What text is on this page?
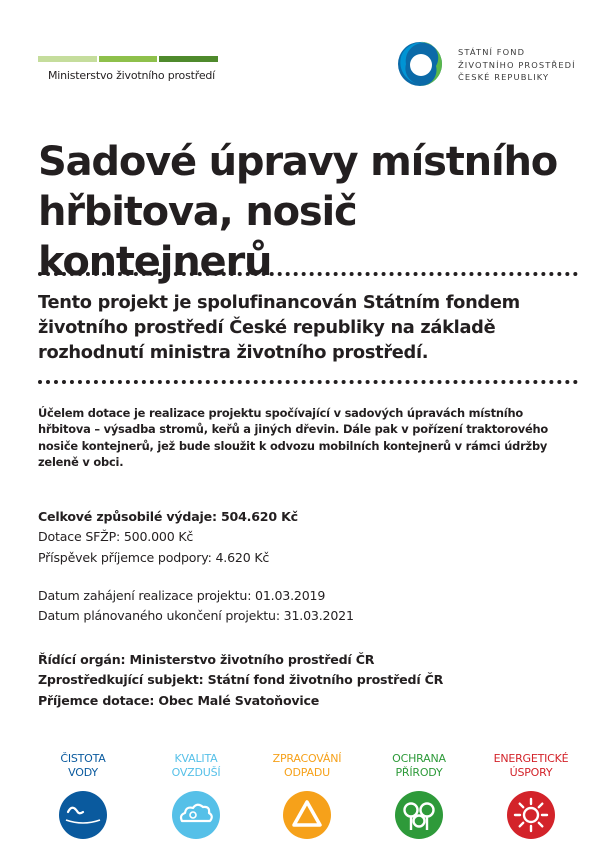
Ministerstvo životního prostředí
STÁTNÍ FOND
ŽIVOTNÍHO PROSTŘEDÍ
ČESKÉ REPUBLIKY
Sadové úpravy místního hřbitova, nosič kontejnerů

Tento projekt je spolufinancován Státním fondem životního prostředí České republiky na základě rozhodnutí ministra životního prostředí.

Účelem dotace je realizace projektu spočívající v sadových úpravách místního hřbitova – výsadba stromů, keřů a jiných dřevin. Dále pak v pořízení traktorového nosiče kontejnerů, jež bude sloužit k odvozu mobilních kontejnerů v rámci údržby zeleně v obci.

Celkové způsobilé výdaje: 504.620 Kč
Dotace SFŽP: 500.000 Kč
Příspěvek příjemce podpory: 4.620 Kč
Datum zahájení realizace projektu: 01.03.2019
Datum plánovaného ukončení projektu: 31.03.2021
Řídící orgán: Ministerstvo životního prostředí ČR
Zprostředkující subjekt: Státní fond životního prostředí ČR
Příjemce dotace: Obec Malé Svatoňovice
ČISTOTA
VODY
KVALITA
OVZDUŠÍ
ZPRACOVÁNÍ
ODPADU
OCHRANA
PŘÍRODY
ENERGETICKÉ
ÚSPORY
